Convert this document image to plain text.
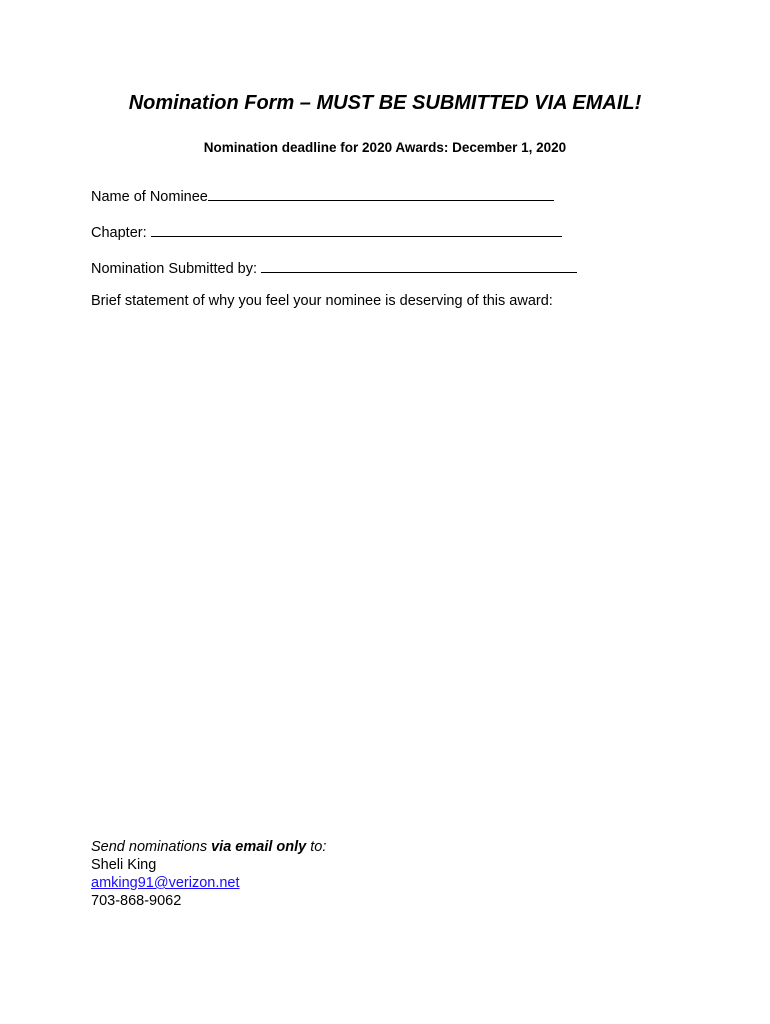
Nomination Form – MUST BE SUBMITTED VIA EMAIL!
Nomination deadline for 2020 Awards: December 1, 2020
Name of Nominee
Chapter:
Nomination Submitted by:
Brief statement of why you feel your nominee is deserving of this award:
Send nominations via email only to:
Sheli King
amking91@verizon.net
703-868-9062
